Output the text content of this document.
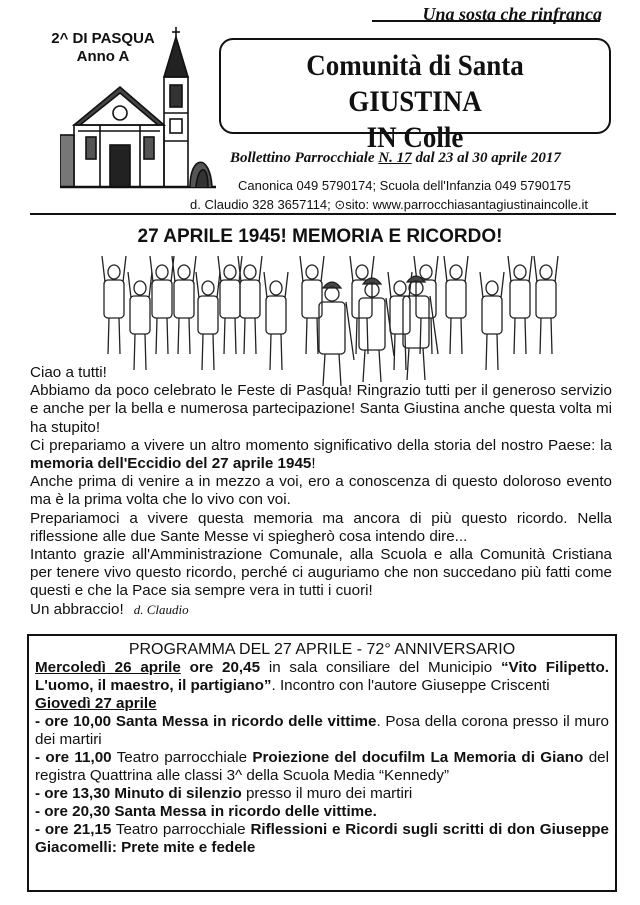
Una sosta che rinfranca
2^ DI PASQUA
Anno A	Comunità di Santa GIUSTINA
IN Colle
Bollettino Parrocchiale N. 17 dal 23 al 30 aprile 2017
Canonica 049 5790174; Scuola dell'Infanzia 049 5790175
d. Claudio 328 3657114; ⊙sito: www.parrocchiasantagiustinaincolle.it
27 APRILE 1945! MEMORIA E RICORDO!

Ciao a tutti!

Abbiamo da poco celebrato le Feste di Pasqua! Ringrazio tutti per il generoso servizio e anche per la bella e numerosa partecipazione! Santa Giustina anche questa volta mi ha stupito!

Ci prepariamo a vivere un altro momento significativo della storia del nostro Paese: la memoria dell'Eccidio del 27 aprile 1945!

Anche prima di venire a in mezzo a voi, ero a conoscenza di questo doloroso evento ma è la prima volta che lo vivo con voi.

Prepariamoci a vivere questa memoria ma ancora di più questo ricordo. Nella riflessione alle due Sante Messe vi spiegherò cosa intendo dire...

Intanto grazie all'Amministrazione Comunale, alla Scuola e alla Comunità Cristiana per tenere vivo questo ricordo, perché ci auguriamo che non succedano più fatti come questi e che la Pace sia sempre vera in tutti i cuori!

Un abbraccio! d. Claudio

PROGRAMMA DEL 27 APRILE - 72° ANNIVERSARIO

Mercoledì 26 aprile ore 20,45 in sala consiliare del Municipio “Vito Filipetto. L'uomo, il maestro, il partigiano”. Incontro con l'autore Giuseppe Criscenti

Giovedì 27 aprile

- ore 10,00 Santa Messa in ricordo delle vittime. Posa della corona presso il muro dei martiri

- ore 11,00 Teatro parrocchiale Proiezione del docufilm La Memoria di Giano del registra Quattrina alle classi 3^ della Scuola Media “Kennedy”

- ore 13,30 Minuto di silenzio presso il muro dei martiri

- ore 20,30 Santa Messa in ricordo delle vittime.

- ore 21,15 Teatro parrocchiale Riflessioni e Ricordi sugli scritti di don Giuseppe Giacomelli: Prete mite e fedele
